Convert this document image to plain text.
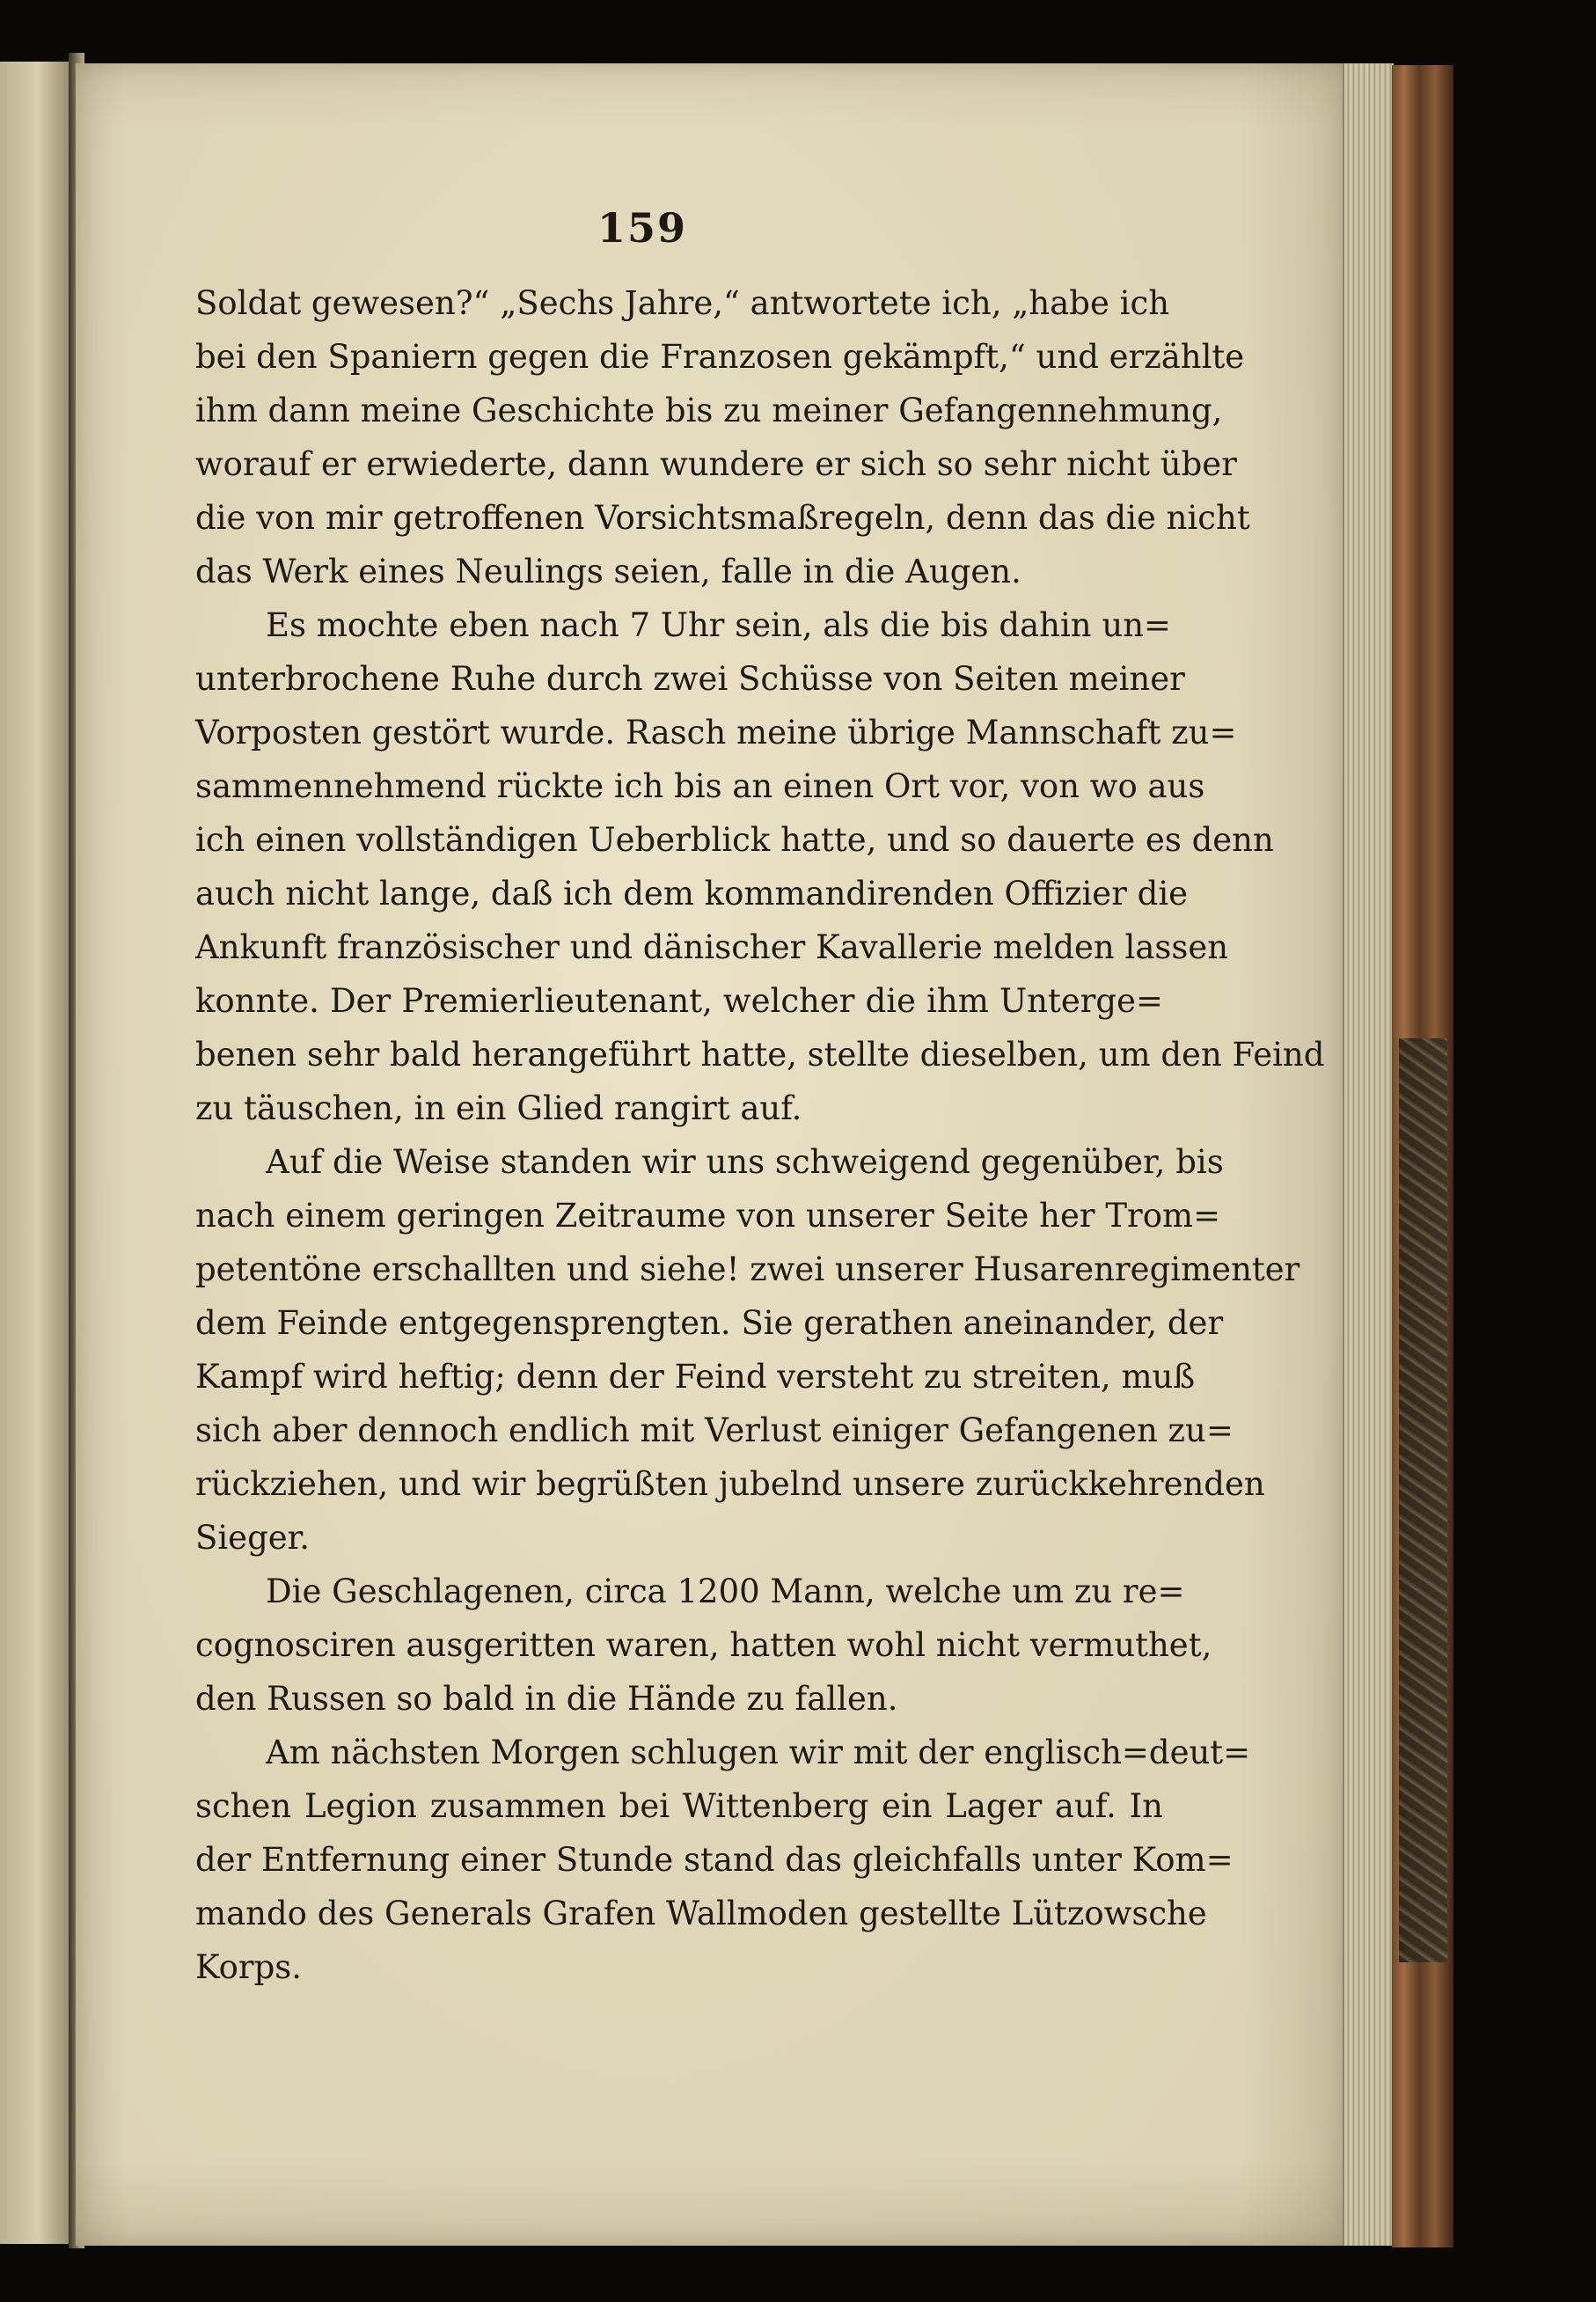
159
Soldat gewesen?“ „Sechs Jahre,“ antwortete ich, „habe ich
bei den Spaniern gegen die Franzosen gekämpft,“ und erzählte
ihm dann meine Geschichte bis zu meiner Gefangennehmung,
worauf er erwiederte, dann wundere er sich so sehr nicht über
die von mir getroffenen Vorsichtsmaßregeln, denn das die nicht
das Werk eines Neulings seien, falle in die Augen.
Es mochte eben nach 7 Uhr sein, als die bis dahin un=
unterbrochene Ruhe durch zwei Schüsse von Seiten meiner
Vorposten gestört wurde. Rasch meine übrige Mannschaft zu=
sammennehmend rückte ich bis an einen Ort vor, von wo aus
ich einen vollständigen Ueberblick hatte, und so dauerte es denn
auch nicht lange, daß ich dem kommandirenden Offizier die
Ankunft französischer und dänischer Kavallerie melden lassen
konnte. Der Premierlieutenant, welcher die ihm Unterge=
benen sehr bald herangeführt hatte, stellte dieselben, um den Feind
zu täuschen, in ein Glied rangirt auf.
Auf die Weise standen wir uns schweigend gegenüber, bis
nach einem geringen Zeitraume von unserer Seite her Trom=
petentöne erschallten und siehe! zwei unserer Husarenregimenter
dem Feinde entgegensprengten. Sie gerathen aneinander, der
Kampf wird heftig; denn der Feind versteht zu streiten, muß
sich aber dennoch endlich mit Verlust einiger Gefangenen zu=
rückziehen, und wir begrüßten jubelnd unsere zurückkehrenden
Sieger.
Die Geschlagenen, circa 1200 Mann, welche um zu re=
cognosciren ausgeritten waren, hatten wohl nicht vermuthet,
den Russen so bald in die Hände zu fallen.
Am nächsten Morgen schlugen wir mit der englisch=deut=
schen Legion zusammen bei Wittenberg ein Lager auf. In
der Entfernung einer Stunde stand das gleichfalls unter Kom=
mando des Generals Grafen Wallmoden gestellte Lützowsche
Korps.
